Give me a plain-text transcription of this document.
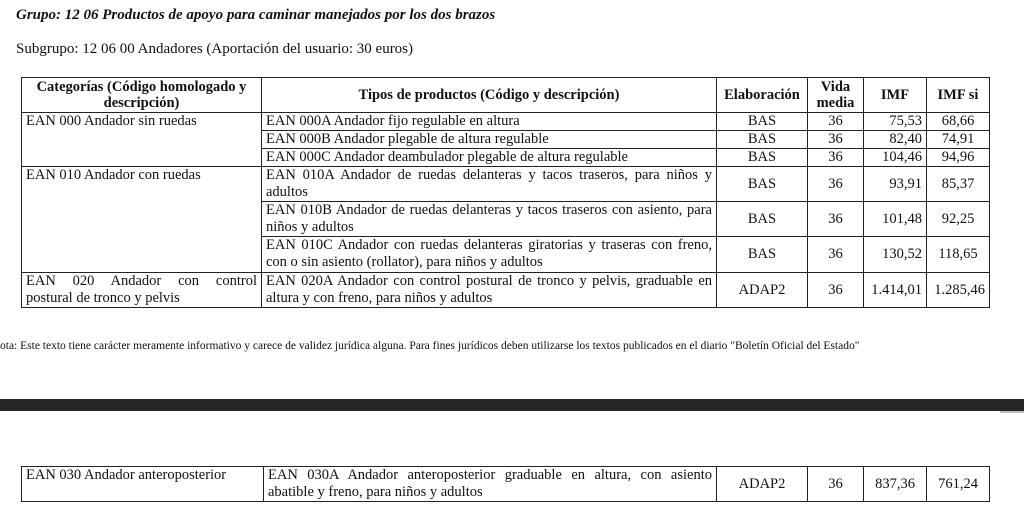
Grupo: 12 06 Productos de apoyo para caminar manejados por los dos brazos
Subgrupo: 12 06 00 Andadores (Aportación del usuario: 30 euros)
Categorías (Código homologado y descripción)	Tipos de productos (Código y descripción)	Elaboración	Vida media	IMF	IMF si
EAN 000 Andador sin ruedas	EAN 000A Andador fijo regulable en altura	BAS	36	75,53	68,66
	EAN 000B Andador plegable de altura regulable	BAS	36	82,40	74,91
	EAN 000C Andador deambulador plegable de altura regulable	BAS	36	104,46	94,96
EAN 010 Andador con ruedas	EAN 010A Andador de ruedas delanteras y tacos traseros, para niños y
adultos	BAS	36	93,91	85,37

	EAN 010B Andador de ruedas delanteras y tacos traseros con asiento, para
niños y adultos	BAS	36	101,48	92,25

	EAN 010C Andador con ruedas delanteras giratorias y traseras con freno,
con o sin asiento (rollator), para niños y adultos	BAS	36	130,52	118,65

EAN 020 Andador con control
postural de tronco y pelvis	EAN 020A Andador con control postural de tronco y pelvis, graduable en
altura y con freno, para niños y adultos	ADAP2	36	1.414,01	1.285,46
ota: Este texto tiene carácter meramente informativo y carece de validez jurídica alguna. Para fines jurídicos deben utilizarse los textos publicados en el diario "Boletín Oficial del Estado"
EAN 030 Andador anteroposterior	EAN 030A Andador anteroposterior graduable en altura, con asiento
abatible y freno, para niños y adultos
	ADAP2	36	837,36	761,24
